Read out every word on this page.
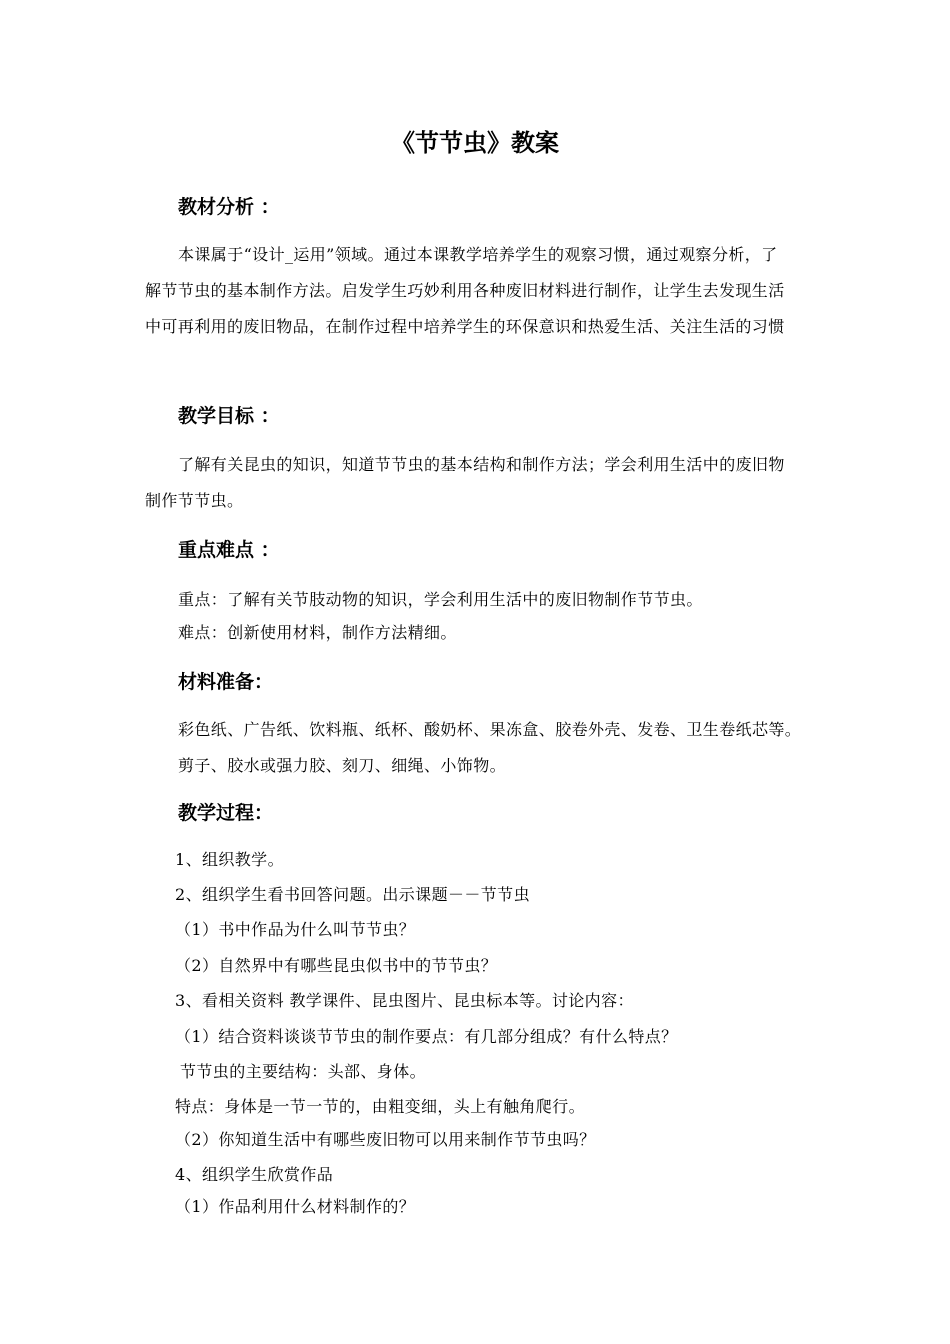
《节节虫》教案
教材分析 ：
本课属于“设计_运用”领域。通过本课教学培养学生的观察习惯，通过观察分析，了
解节节虫的基本制作方法。启发学生巧妙利用各种废旧材料进行制作，让学生去发现生活
中可再利用的废旧物品，在制作过程中培养学生的环保意识和热爱生活、关注生活的习惯
教学目标 ：
了解有关昆虫的知识，知道节节虫的基本结构和制作方法；学会利用生活中的废旧物
制作节节虫。
重点难点 ：
重点：了解有关节肢动物的知识，学会利用生活中的废旧物制作节节虫。
难点：创新使用材料，制作方法精细。
材料准备：
彩色纸、广告纸、饮料瓶、纸杯、酸奶杯、果冻盒、胶卷外壳、发卷、卫生卷纸芯等。
剪子、胶水或强力胶、刻刀、细绳、小饰物。
教学过程：
1、组织教学。
2、组织学生看书回答问题。出示课题－－节节虫
（1）书中作品为什么叫节节虫？
（2）自然界中有哪些昆虫似书中的节节虫？
3、看相关资料 教学课件、昆虫图片、昆虫标本等。讨论内容：
（1）结合资料谈谈节节虫的制作要点：有几部分组成？有什么特点？
节节虫的主要结构：头部、身体。
特点：身体是一节一节的，由粗变细，头上有触角爬行。
（2）你知道生活中有哪些废旧物可以用来制作节节虫吗？
4、组织学生欣赏作品
（1）作品利用什么材料制作的？
